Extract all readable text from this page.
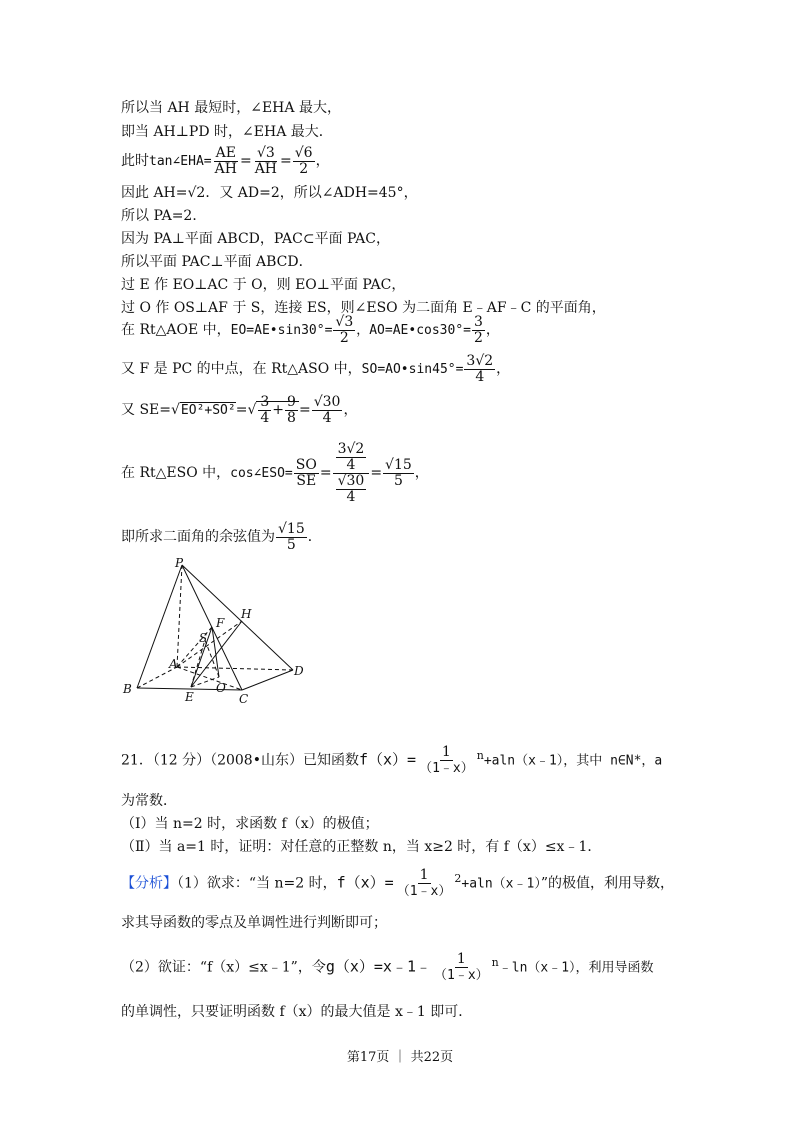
所以当 AH 最短时，∠EHA 最大，
即当 AH⊥PD 时，∠EHA 最大．
此时tan∠EHA= $\frac{AE}{AH} = \frac{√3}{AH} = \frac{√6}{2}$ ，
因此 AH=√2．又 AD=2，所以∠ADH=45°，
所以 PA=2．
因为 PA⊥平面 ABCD，PAC⊂平面 PAC，
所以平面 PAC⊥平面 ABCD．
过 E 作 EO⊥AC 于 O，则 EO⊥平面 PAC，
过 O 作 OS⊥AF 于 S，连接 ES，则∠ESO 为二面角 E﹣AF﹣C 的平面角，
在 Rt△AOE 中，EO=AE•sin30°= $\frac{√3}{2}$ ，AO=AE•cos30°= $\frac{3}{2}$ ，
又 F 是 PC 的中点，在 Rt△ASO 中，SO=AO•sin45°= $\frac{3√2}{4}$ ，
又 $SE=√EO^2+SO^2=√ \frac{3}{4} + \frac{9}{8} = \frac{√30}{4}$ ，
在 Rt△ESO 中，cos∠ESO= $\frac{SO}{SE} = \frac{\frac{3√2}{4}}{\frac{√30}{4}} = \frac{√15}{5}$ ，
即所求二面角的余弦值为 $\frac{√15}{5}$ ．
P
H
F
S
A	D
B
E
O
C
21．（12 分）（2008•山东）已知函数$f(x)= \frac{1}{(1﹣x)}$ $^n$+aln（x﹣1），其中 n∈N*，a
为常数．
（Ⅰ）当 n=2 时，求函数 f（x）的极值；
（Ⅱ）当 a=1 时，证明：对任意的正整数 n，当 x≥2 时，有 f（x）≤x﹣1．
【分析】（1）欲求：“当 n=2 时，$f(x)= \frac{1}{(1﹣x)}$ $^2$+aln（x﹣1）”的极值，利用导数，
求其导函数的零点及单调性进行判断即可；
（2）欲证：“f（x）≤x﹣1”，令g（x）=x﹣1﹣ $\frac{1}{(1﹣x)}$ $^n$﹣ln（x﹣1），利用导函数
的单调性，只要证明函数 f（x）的最大值是 x﹣1 即可．
第17页 ｜ 共22页
